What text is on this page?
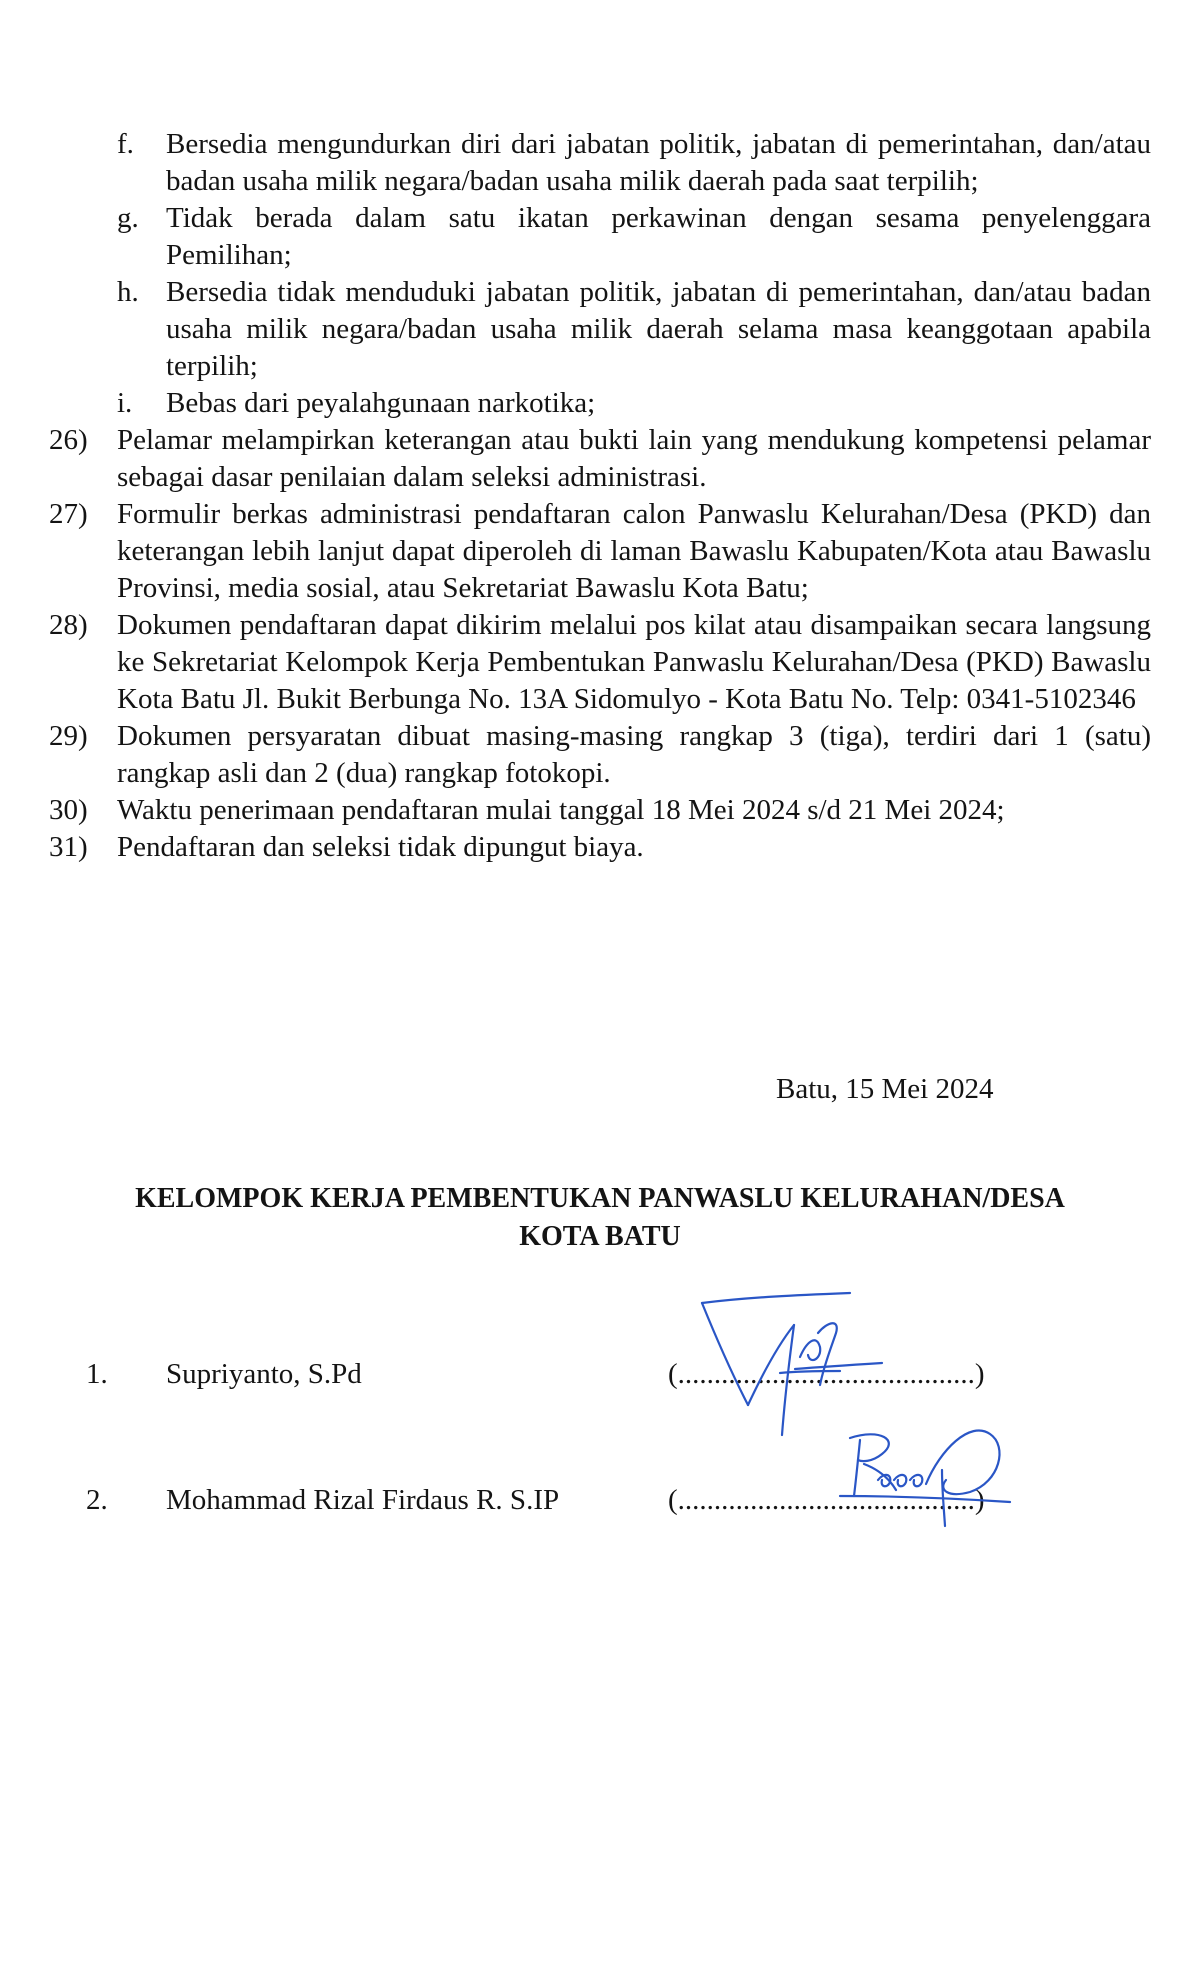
f. Bersedia mengundurkan diri dari jabatan politik, jabatan di pemerintahan, dan/atau badan usaha milik negara/badan usaha milik daerah pada saat terpilih;
g. Tidak berada dalam satu ikatan perkawinan dengan sesama penyelenggara Pemilihan;
h. Bersedia tidak menduduki jabatan politik, jabatan di pemerintahan, dan/atau badan usaha milik negara/badan usaha milik daerah selama masa keanggotaan apabila terpilih;
i. Bebas dari peyalahgunaan narkotika;
26) Pelamar melampirkan keterangan atau bukti lain yang mendukung kompetensi pelamar sebagai dasar penilaian dalam seleksi administrasi.
27) Formulir berkas administrasi pendaftaran calon Panwaslu Kelurahan/Desa (PKD) dan keterangan lebih lanjut dapat diperoleh di laman Bawaslu Kabupaten/Kota atau Bawaslu Provinsi, media sosial, atau Sekretariat Bawaslu Kota Batu;
28) Dokumen pendaftaran dapat dikirim melalui pos kilat atau disampaikan secara langsung ke Sekretariat Kelompok Kerja Pembentukan Panwaslu Kelurahan/Desa (PKD) Bawaslu Kota Batu Jl. Bukit Berbunga No. 13A Sidomulyo - Kota Batu No. Telp: 0341-5102346
29) Dokumen persyaratan dibuat masing-masing rangkap 3 (tiga), terdiri dari 1 (satu) rangkap asli dan 2 (dua) rangkap fotokopi.
30) Waktu penerimaan pendaftaran mulai tanggal 18 Mei 2024 s/d 21 Mei 2024;
31) Pendaftaran dan seleksi tidak dipungut biaya.
Batu, 15 Mei 2024
KELOMPOK KERJA PEMBENTUKAN PANWASLU KELURAHAN/DESA
KOTA BATU
1. Supriyanto, S.Pd	(.........................................)
2. Mohammad Rizal Firdaus R. S.IP	(.........................................)
